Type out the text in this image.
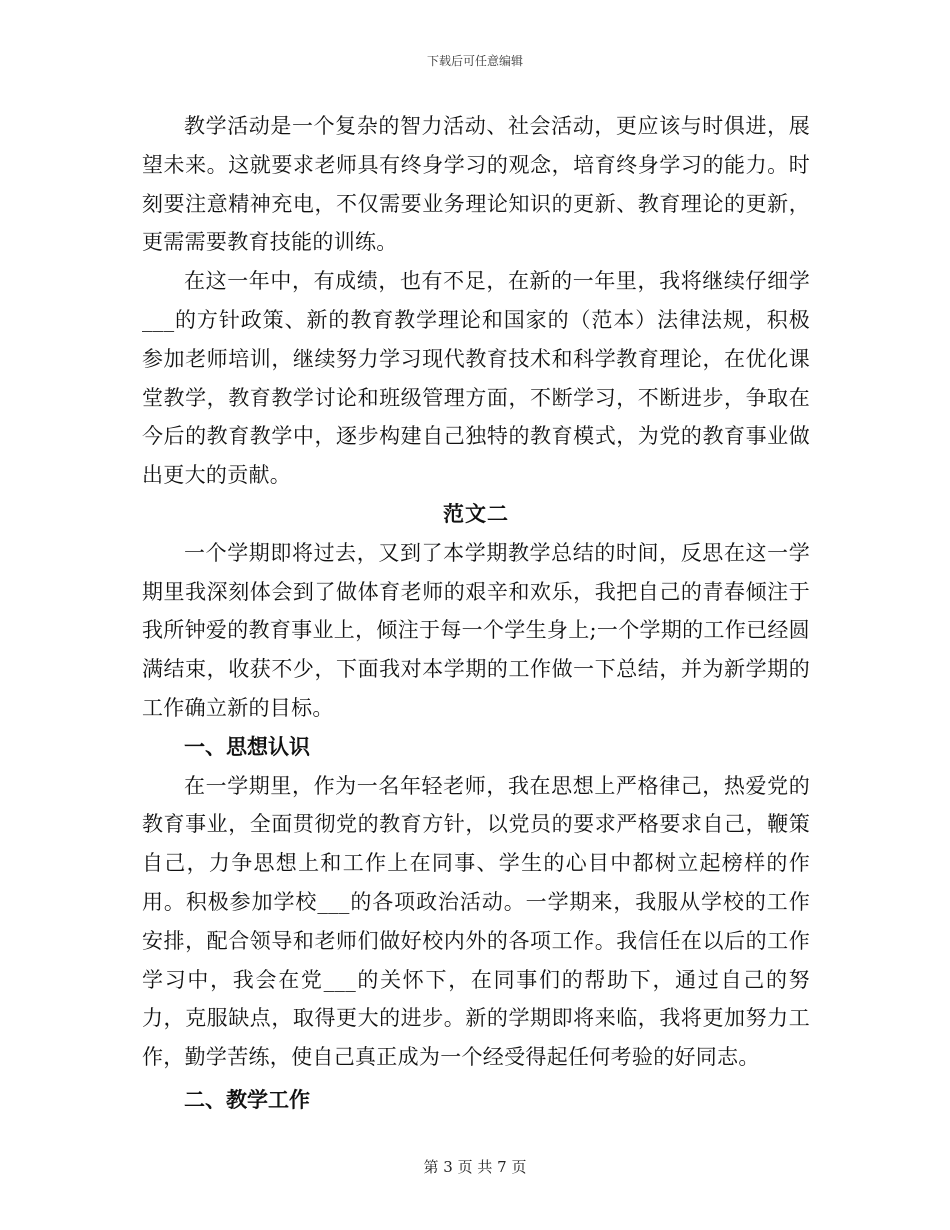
下载后可任意编辑

教学活动是一个复杂的智力活动、社会活动，更应该与时俱进，展望未来。这就要求老师具有终身学习的观念，培育终身学习的能力。时刻要注意精神充电，不仅需要业务理论知识的更新、教育理论的更新，更需需要教育技能的训练。

在这一年中，有成绩，也有不足，在新的一年里，我将继续仔细学___的方针政策、新的教育教学理论和国家的（范本）法律法规，积极参加老师培训，继续努力学习现代教育技术和科学教育理论，在优化课堂教学，教育教学讨论和班级管理方面，不断学习，不断进步，争取在今后的教育教学中，逐步构建自己独特的教育模式，为党的教育事业做出更大的贡献。

范文二

一个学期即将过去，又到了本学期教学总结的时间，反思在这一学期里我深刻体会到了做体育老师的艰辛和欢乐，我把自己的青春倾注于我所钟爱的教育事业上，倾注于每一个学生身上;一个学期的工作已经圆满结束，收获不少，下面我对本学期的工作做一下总结，并为新学期的工作确立新的目标。

一、思想认识

在一学期里，作为一名年轻老师，我在思想上严格律己，热爱党的教育事业，全面贯彻党的教育方针，以党员的要求严格要求自己，鞭策自己，力争思想上和工作上在同事、学生的心目中都树立起榜样的作用。积极参加学校___的各项政治活动。一学期来，我服从学校的工作安排，配合领导和老师们做好校内外的各项工作。我信任在以后的工作学习中，我会在党___的关怀下，在同事们的帮助下，通过自己的努力，克服缺点，取得更大的进步。新的学期即将来临，我将更加努力工作，勤学苦练，使自己真正成为一个经受得起任何考验的好同志。

二、教学工作

第 3 页 共 7 页
